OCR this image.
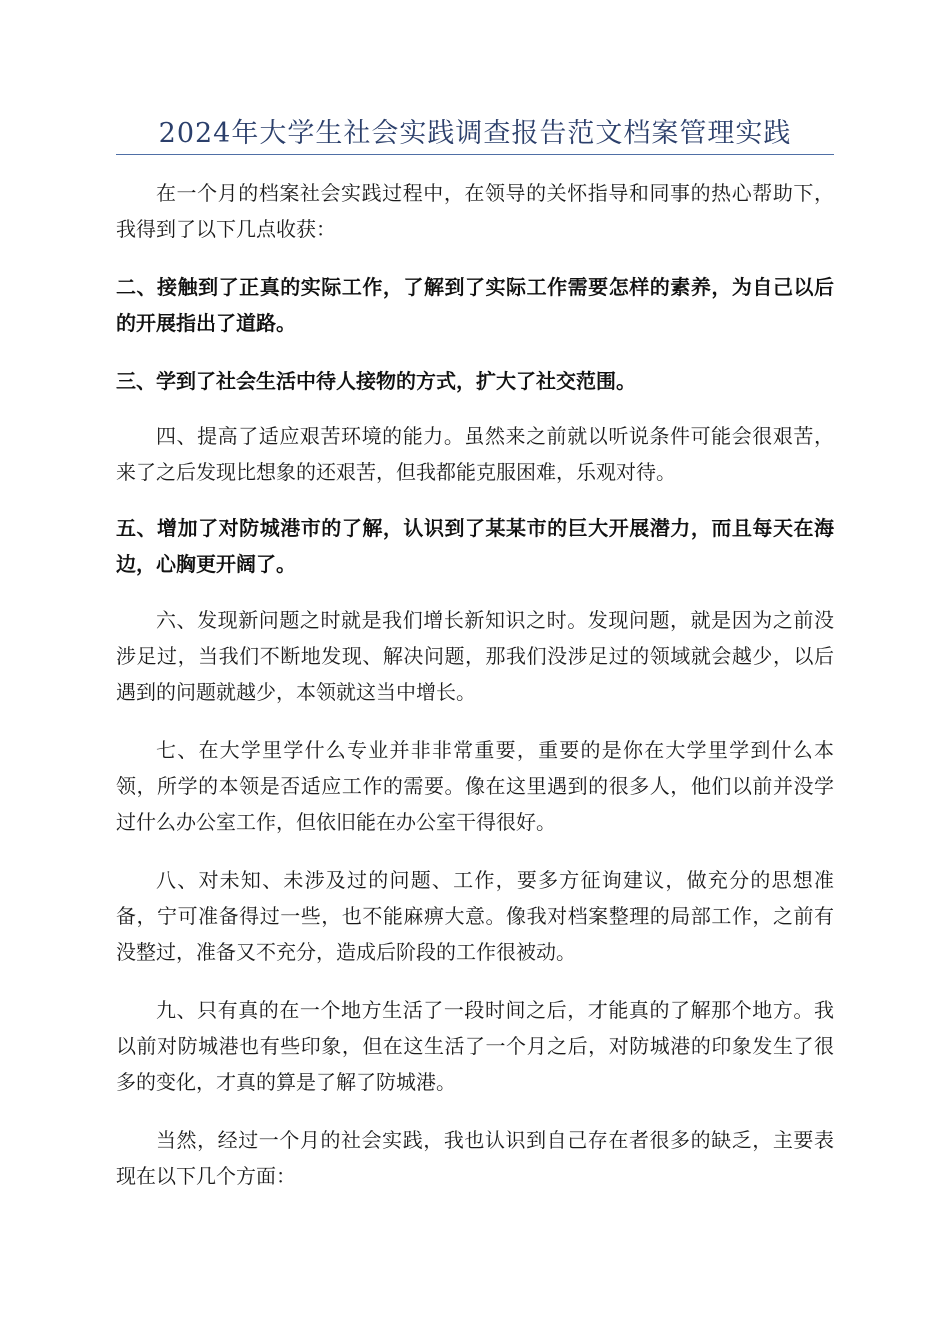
2024年大学生社会实践调查报告范文档案管理实践

在一个月的档案社会实践过程中，在领导的关怀指导和同事的热心帮助下，我得到了以下几点收获：

二、接触到了正真的实际工作，了解到了实际工作需要怎样的素养，为自己以后的开展指出了道路。

三、学到了社会生活中待人接物的方式，扩大了社交范围。

四、提高了适应艰苦环境的能力。虽然来之前就以听说条件可能会很艰苦，来了之后发现比想象的还艰苦，但我都能克服困难，乐观对待。

五、增加了对防城港市的了解，认识到了某某市的巨大开展潜力，而且每天在海边，心胸更开阔了。

六、发现新问题之时就是我们增长新知识之时。发现问题，就是因为之前没涉足过，当我们不断地发现、解决问题，那我们没涉足过的领域就会越少，以后遇到的问题就越少，本领就这当中增长。

七、在大学里学什么专业并非非常重要，重要的是你在大学里学到什么本领，所学的本领是否适应工作的需要。像在这里遇到的很多人，他们以前并没学过什么办公室工作，但依旧能在办公室干得很好。

八、对未知、未涉及过的问题、工作，要多方征询建议，做充分的思想准备，宁可准备得过一些，也不能麻痹大意。像我对档案整理的局部工作，之前有没整过，准备又不充分，造成后阶段的工作很被动。

九、只有真的在一个地方生活了一段时间之后，才能真的了解那个地方。我以前对防城港也有些印象，但在这生活了一个月之后，对防城港的印象发生了很多的变化，才真的算是了解了防城港。

当然，经过一个月的社会实践，我也认识到自己存在者很多的缺乏，主要表现在以下几个方面：
